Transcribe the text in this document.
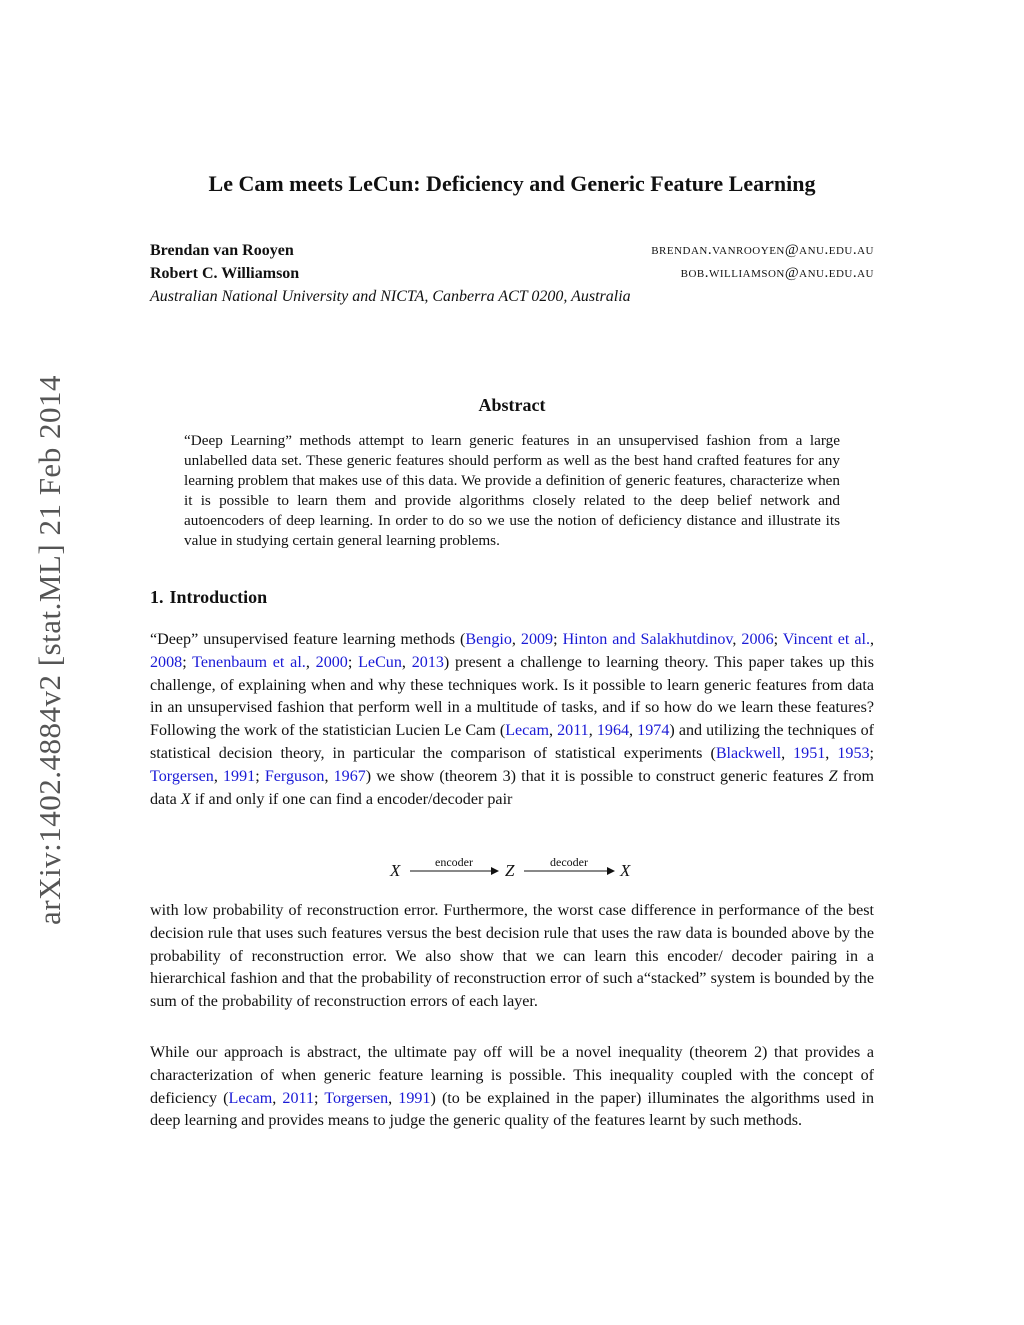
arXiv:1402.4884v2 [stat.ML] 21 Feb 2014
Le Cam meets LeCun: Deficiency and Generic Feature Learning
Brendan van Rooyen	brendan.vanrooyen@anu.edu.au
Robert C. Williamson	bob.williamson@anu.edu.au
Australian National University and NICTA, Canberra ACT 0200, Australia
Abstract
“Deep Learning” methods attempt to learn generic features in an unsupervised fashion from a large unlabelled data set. These generic features should perform as well as the best hand crafted features for any learning problem that makes use of this data. We provide a definition of generic features, characterize when it is possible to learn them and provide algorithms closely related to the deep belief network and autoencoders of deep learning. In order to do so we use the notion of deficiency distance and illustrate its value in studying certain general learning problems.
1. Introduction
“Deep” unsupervised feature learning methods (Bengio, 2009; Hinton and Salakhutdinov, 2006; Vincent et al., 2008; Tenenbaum et al., 2000; LeCun, 2013) present a challenge to learning theory. This paper takes up this challenge, of explaining when and why these techniques work. Is it possible to learn generic features from data in an unsupervised fashion that perform well in a multitude of tasks, and if so how do we learn these features? Following the work of the statistician Lucien Le Cam (Lecam, 2011, 1964, 1974) and utilizing the techniques of statistical decision theory, in particular the comparison of statistical experiments (Blackwell, 1951, 1953; Torgersen, 1991; Ferguson, 1967) we show (theorem 3) that it is possible to construct generic features Z from data X if and only if one can find a encoder/decoder pair
X	encoder Z	decoder X
with low probability of reconstruction error. Furthermore, the worst case difference in performance of the best decision rule that uses such features versus the best decision rule that uses the raw data is bounded above by the probability of reconstruction error. We also show that we can learn this encoder/ decoder pairing in a hierarchical fashion and that the probability of reconstruction error of such a“stacked” system is bounded by the sum of the probability of reconstruction errors of each layer.
While our approach is abstract, the ultimate pay off will be a novel inequality (theorem 2) that provides a characterization of when generic feature learning is possible. This inequality coupled with the concept of deficiency (Lecam, 2011; Torgersen, 1991) (to be explained in the paper) illuminates the algorithms used in deep learning and provides means to judge the generic quality of the features learnt by such methods.
